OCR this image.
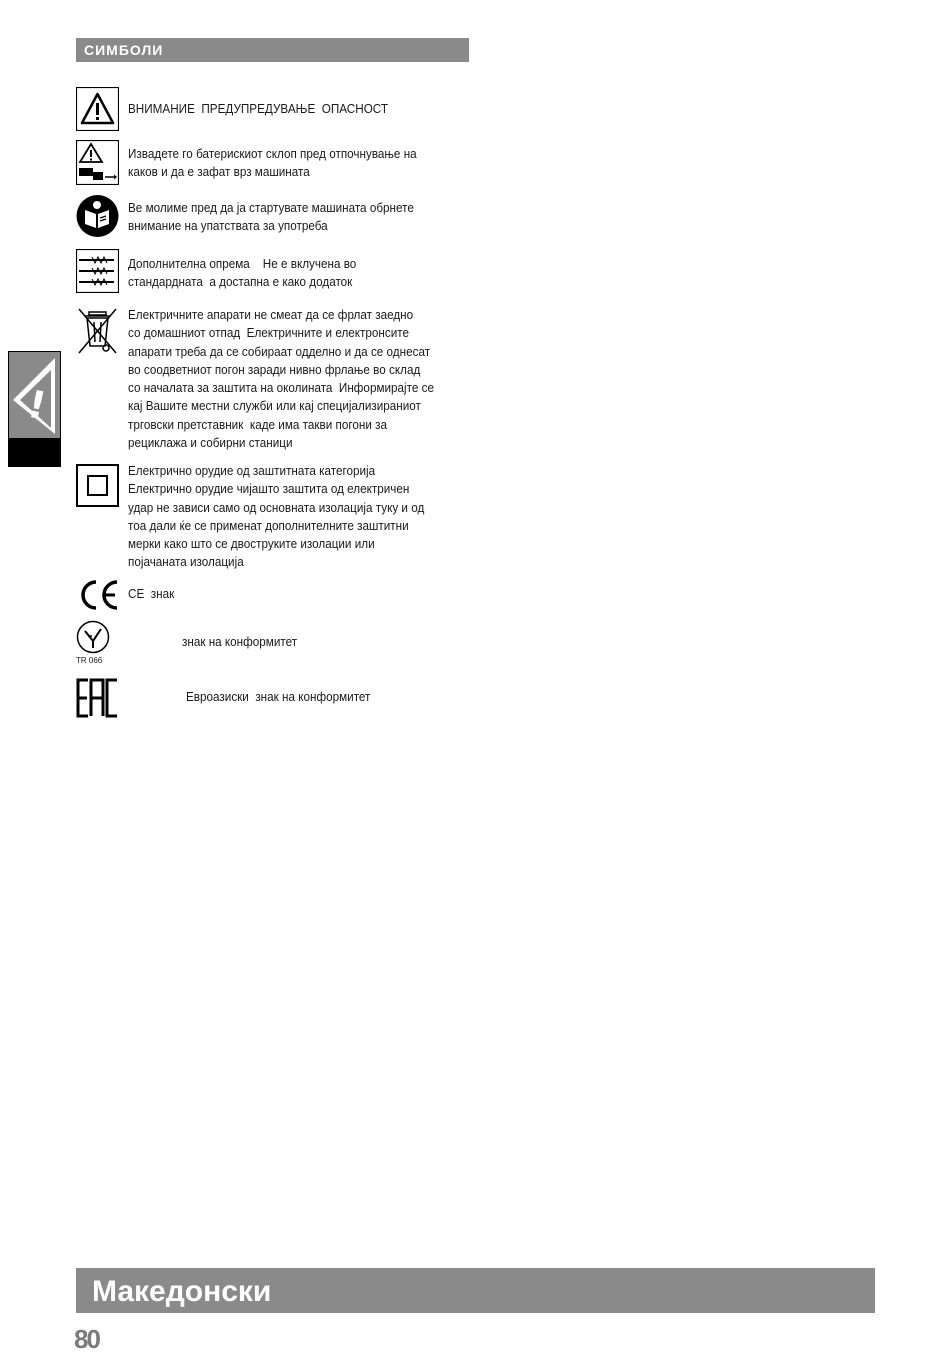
СИМБОЛИ
!
ВНИМАНИЕ  ПРЕДУПРЕДУВАЊЕ  ОПАСНОСТ
Извадете го батерискиот склоп пред отпочнување на
каков и да е зафат врз машината
Ве молиме пред да ја стартувате машината обрнете
внимание на упатствата за употреба
Дополнителна опрема    Не е вклучена во
стандардната  а достапна е како додаток
Електричните апарати не смеат да се фрлат заедно
со домашниот отпад  Електричните и електронсите
апарати треба да се собираат одделно и да се однесат
во соодветниот погон заради нивно фрлање во склад
со началата за заштита на околината  Информирајте се
кај Вашите местни служби или кај специјализираниот
трговски претставник  каде има такви погони за
рециклажа и собирни станици
Електрично орудие од заштитната категорија
Електрично орудие чијашто заштита од електричен
удар не зависи само од основната изолација туку и од
тоа дали ќе се применат дополнителните заштитни
мерки како што се двоструките изолации или
појачаната изолација
CE  знак
TR 066
знак на конформитет
Евроазиски  знак на конформитет
Македонски
80
